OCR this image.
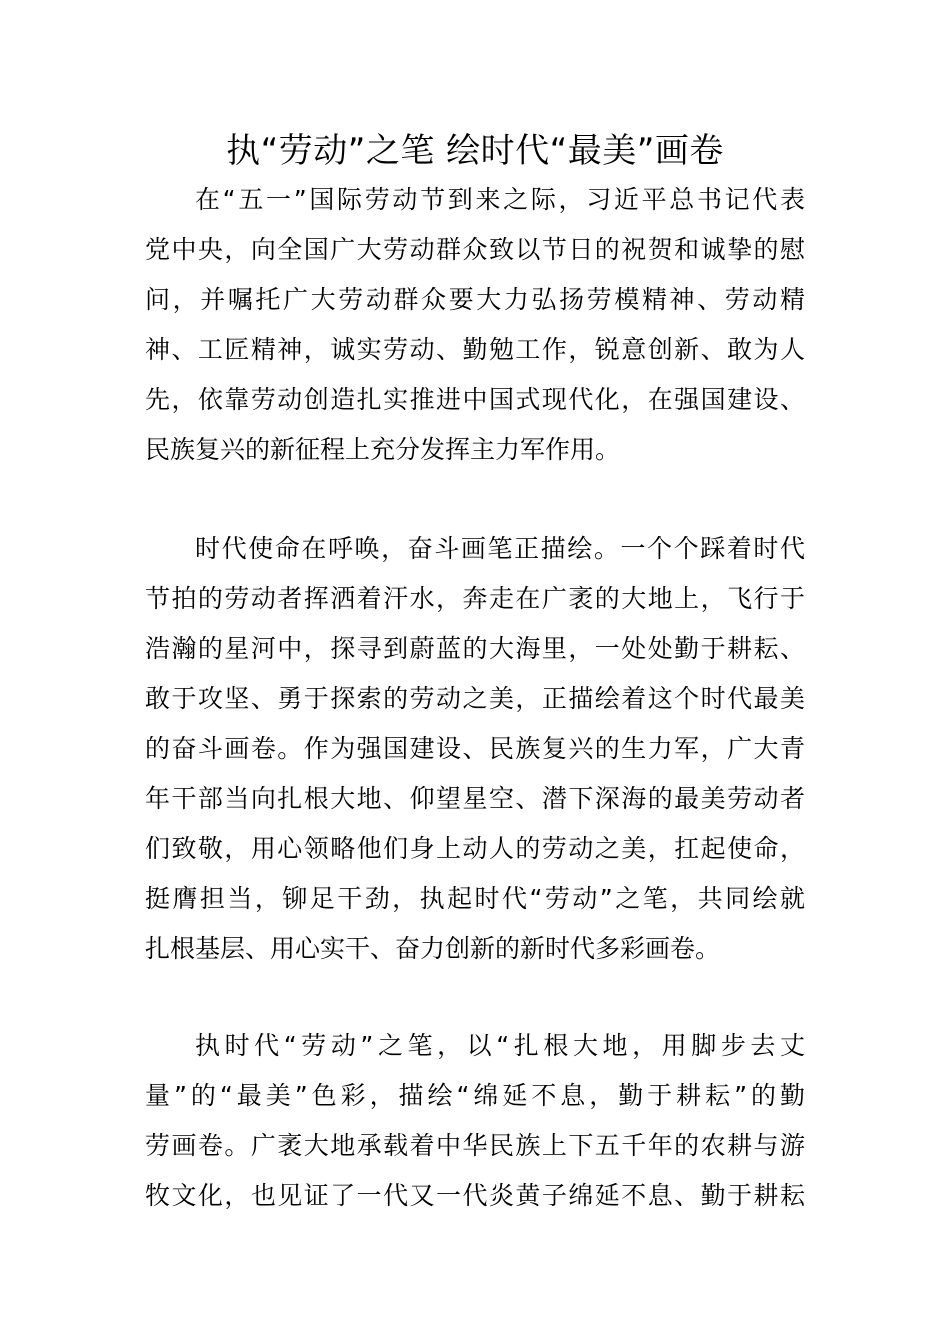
执“劳动”之笔 绘时代“最美”画卷
在“五一”国际劳动节到来之际，习近平总书记代表
党中央，向全国广大劳动群众致以节日的祝贺和诚挚的慰
问，并嘱托广大劳动群众要大力弘扬劳模精神、劳动精
神、工匠精神，诚实劳动、勤勉工作，锐意创新、敢为人
先，依靠劳动创造扎实推进中国式现代化，在强国建设、
民族复兴的新征程上充分发挥主力军作用。
时代使命在呼唤，奋斗画笔正描绘。一个个踩着时代
节拍的劳动者挥洒着汗水，奔走在广袤的大地上，飞行于
浩瀚的星河中，探寻到蔚蓝的大海里，一处处勤于耕耘、
敢于攻坚、勇于探索的劳动之美，正描绘着这个时代最美
的奋斗画卷。作为强国建设、民族复兴的生力军，广大青
年干部当向扎根大地、仰望星空、潜下深海的最美劳动者
们致敬，用心领略他们身上动人的劳动之美，扛起使命，
挺膺担当，铆足干劲，执起时代“劳动”之笔，共同绘就
扎根基层、用心实干、奋力创新的新时代多彩画卷。
执时代“劳动”之笔，以“扎根大地，用脚步去丈
量”的“最美”色彩，描绘“绵延不息，勤于耕耘”的勤
劳画卷。广袤大地承载着中华民族上下五千年的农耕与游
牧文化，也见证了一代又一代炎黄子绵延不息、勤于耕耘
